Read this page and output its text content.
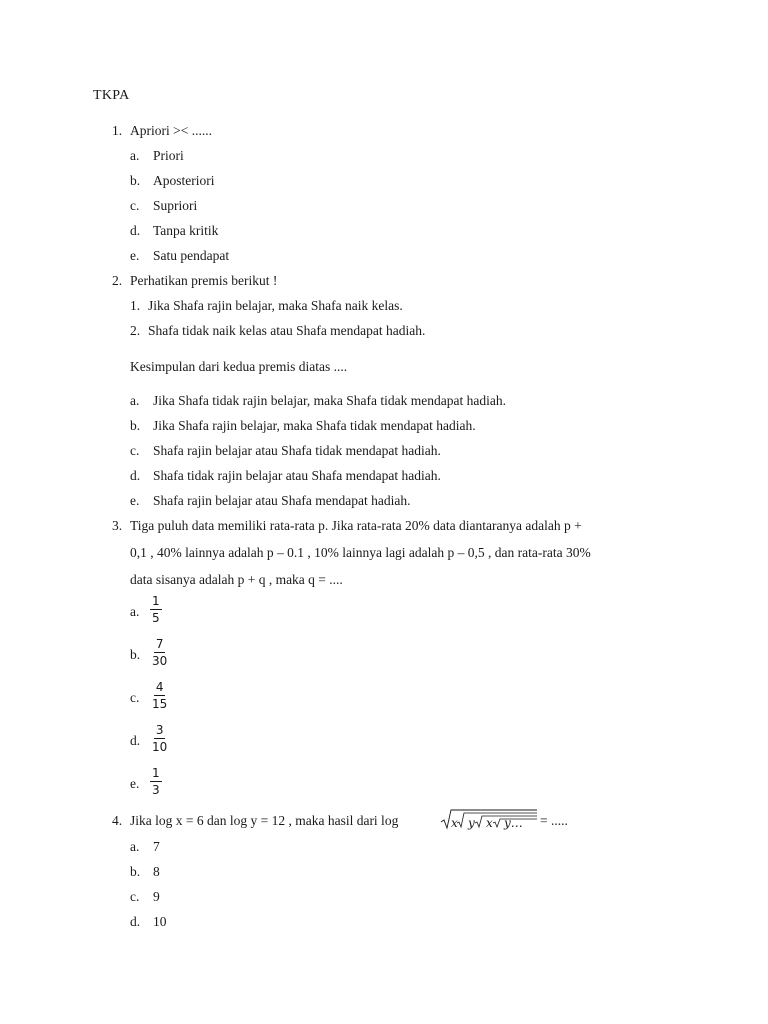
TKPA
1. Apriori >< ......
a. Priori
b. Aposteriori
c. Supriori
d. Tanpa kritik
e. Satu pendapat
2. Perhatikan premis berikut !
1. Jika Shafa rajin belajar, maka Shafa naik kelas.
2. Shafa tidak naik kelas atau Shafa mendapat hadiah.
Kesimpulan dari kedua premis diatas ....
a. Jika Shafa tidak rajin belajar, maka Shafa tidak mendapat hadiah.
b. Jika Shafa rajin belajar, maka Shafa tidak mendapat hadiah.
c. Shafa rajin belajar atau Shafa tidak mendapat hadiah.
d. Shafa tidak rajin belajar atau Shafa mendapat hadiah.
e. Shafa rajin belajar atau Shafa mendapat hadiah.
3. Tiga puluh data memiliki rata-rata p. Jika rata-rata 20% data diantaranya adalah p +
0,1 , 40% lainnya adalah p – 0.1 , 10% lainnya lagi adalah p – 0,5 , dan rata-rata 30%
data sisanya adalah p + q , maka q = ....
a. $\frac{1}{5}$
b. $\frac{7}{30}$
c. $\frac{4}{15}$
d. $\frac{3}{10}$
e. $\frac{1}{3}$
4. Jika log x = 6 dan log y = 12 , maka hasil dari log	x y x y… = .....
a. 7
b. 8
c. 9
d. 10
